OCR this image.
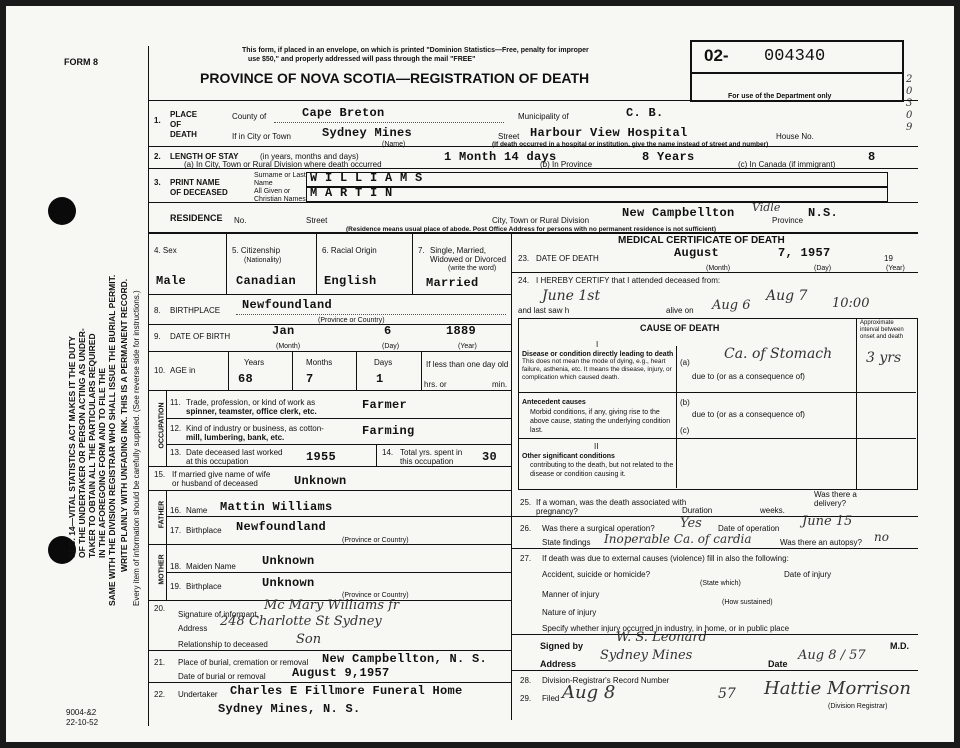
FORM 8
This form, if placed in an envelope, on which is printed "Dominion Statistics—Free, penalty for improper
use $50," and properly addressed will pass through the mail "FREE"
PROVINCE OF NOVA SCOTIA—REGISTRATION OF DEATH
02- 004340
For use of the Department only
2 0 3 0 9
SEC. 14—VITAL STATISTICS ACT MAKES IT THE DUTY OF THE UNDERTAKER OR PERSON ACTING AS UNDER- TAKER TO OBTAIN ALL THE PARTICULARS REQUIRED IN THE AFOREGOING FORM AND TO FILE THE SAME WITH THE DIVISION REGISTRAR WHO SHALL ISSUE THE BURIAL PERMIT. WRITE PLAINLY WITH UNFADING INK. THIS IS A PERMANENT RECORD. Every item of information should be carefully supplied. (See reverse side for instructions.)
9004-&2
22-10-52
1.
PLACE
OF
DEATH
County of	Cape Breton	Municipality of	C. B.
If in City or Town	Sydney Mines
(Name)
Street Harbour View Hospital	House No.
(If death occurred in a hospital or institution, give the name instead of street and number)
2. LENGTH OF STAY	(in years, months and days)
(a) In City, Town or Rural Division where death occurred
1 Month 14 days
(b) In Province
8 Years
(c) In Canada (if immigrant)
8
3. PRINT NAME
OF DECEASED
Surname or Last Name	W I L L I A M S
All Given or Christian Names M A R T I N
RESIDENCE No.	Street	City, Town or Rural Division
New Campbellton Vidle
Province
N.S.
(Residence means usual place of abode. Post Office Address for persons with no permanent residence is not sufficient)
4. Sex
Male
5. Citizenship
(Nationality)
Canadian
6. Racial Origin
English
7. Single, Married, Widowed or Divorced
(write the word)
Married
8. BIRTHPLACE Newfoundland
(Province or Country)
9. DATE OF BIRTH	Jan	6	1889
(Month)	(Day)	(Year)
10. AGE in
Years	Months	Days
68	7	1
If less than one day old
hrs. or	min.
OCCUPATION 11. Trade, profession, or kind of work as
spinner, teamster, office clerk, etc.	Farmer
12. Kind of industry or business, as cotton-
mill, lumbering, bank, etc.	Farming
13. Date deceased last worked
at this occupation	1955	14. Total yrs. spent in
this occupation 30
15. If married give name of wife
or husband of deceased	Unknown
FATHER 16. Name Mattin Williams
17. Birthplace Newfoundland
(Province or Country)
MOTHER 18. Maiden Name Unknown
19. Birthplace	Unknown
(Province or Country)
20.
Signature of informant
Mc Mary Williams fr
Address 248 Charlotte St Sydney
Relationship to deceased Son
21. Place of burial, cremation or removal New Campbellton, N. S.
Date of burial or removal August 9,1957
22. Undertaker Charles E Fillmore Funeral Home
Sydney Mines, N. S.
MEDICAL CERTIFICATE OF DEATH
23. DATE OF DEATH	August	7, 1957	19
(Month)	(Day)	(Year)
24. I HEREBY CERTIFY that I attended deceased from:
June 1st	Aug 7
and last saw h	alive on Aug 6	10:00
CAUSE OF DEATH
I
Approximate interval between onset and death
Disease or condition directly leading to death
This does not mean the mode of dying, e.g., heart failure, asthenia, etc. It means the disease, injury, or complication which caused death.
(a)
Ca. of Stomach 3 yrs
due to (or as a consequence of)
Antecedent causes
Morbid conditions, if any, giving rise to the above cause, stating the underlying condition last.
(b)
due to (or as a consequence of)
(c)
II
Other significant conditions
contributing to the death, but not related to the disease or condition causing it.
25. If a woman, was the death associated with pregnancy?	Duration	weeks.
Was there a delivery?
26. Was there a surgical operation? Yes Date of operation June 15
State findings Inoperable Ca. of cardia	Was there an autopsy? no
27. If death was due to external causes (violence) fill in also the following:
Accident, suicide or homicide?
(State which)
Date of injury
Manner of injury
(How sustained)
Nature of injury
Specify whether injury occurred in industry, in home, or in public place
Signed by
W. S. Leonard
M.D.
Address
Sydney Mines
Date
Aug 8 / 57
28. Division-Registrar's Record Number
29. Filed Aug 8	57 Hattie Morrison
(Division Registrar)
